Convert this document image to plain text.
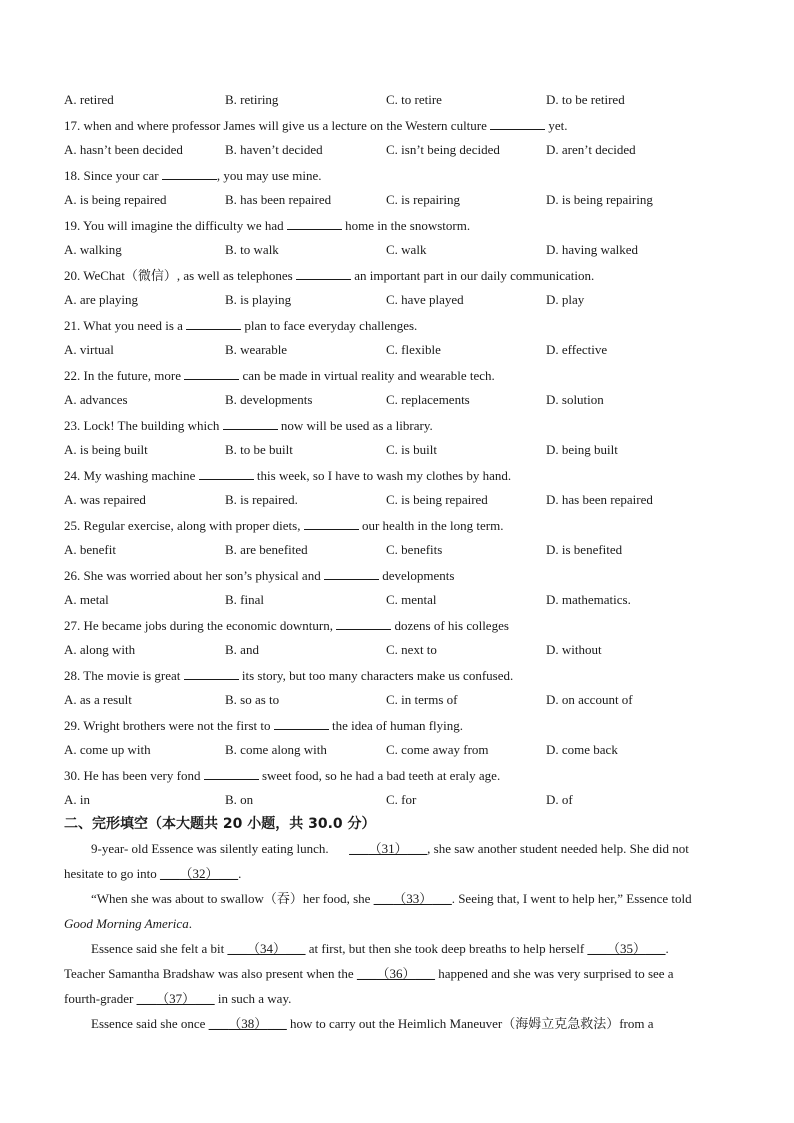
A. retired	B. retiring	C. to retire	D. to be retired
17. when and where professor James will give us a lecture on the Western culture	yet.
A. hasn’t been decided	B. haven’t decided	C. isn’t being decided	D. aren’t decided
18. Since your car	, you may use mine.
A. is being repaired	B. has been repaired	C. is repairing	D. is being repairing
19. You will imagine the difficulty we had	home in the snowstorm.
A. walking	B. to walk	C. walk	D. having walked
20. WeChat（微信）, as well as telephones	an important part in our daily communication.
A. are playing	B. is playing	C. have played	D. play
21. What you need is a	plan to face everyday challenges.
A. virtual	B. wearable	C. flexible	D. effective
22. In the future, more	can be made in virtual reality and wearable tech.
A. advances	B. developments	C. replacements	D. solution
23. Lock! The building which	now will be used as a library.
A. is being built	B. to be built	C. is built	D. being built
24. My washing machine	this week, so I have to wash my clothes by hand.
A. was repaired	B. is repaired.	C. is being repaired	D. has been repaired
25. Regular exercise, along with proper diets,	our health in the long term.
A. benefit	B. are benefited	C. benefits	D. is benefited
26. She was worried about her son’s physical and	developments
A. metal	B. final	C. mental	D. mathematics.
27. He became jobs during the economic downturn,	dozens of his colleges
A. along with	B. and	C. next to	D. without
28. The movie is great	its story, but too many characters make us confused.
A. as a result	B. so as to	C. in terms of	D. on account of
29. Wright brothers were not the first to	the idea of human flying.
A. come up with	B. come along with	C. come away from	D. come back
30. He has been very fond	sweet food, so he had a bad teeth at eraly age.
A. in	B. on	C. for	D. of
二、完形填空（本大题共 20 小题，共 30.0 分）
9-year- old Essence was silently eating lunch. ___（31）___, she saw another student needed help. She did not
hesitate to go into ___（32）___.
“When she was about to swallow（吞）her food, she ___（33）___. Seeing that, I went to help her,” Essence told
Good Morning America.
Essence said she felt a bit ___（34）___ at first, but then she took deep breaths to help herself ___（35）___.
Teacher Samantha Bradshaw was also present when the ___（36）___ happened and she was very surprised to see a
fourth-grader ___（37）___ in such a way.
Essence said she once ___（38）___ how to carry out the Heimlich Maneuver（海姆立克急救法）from a
